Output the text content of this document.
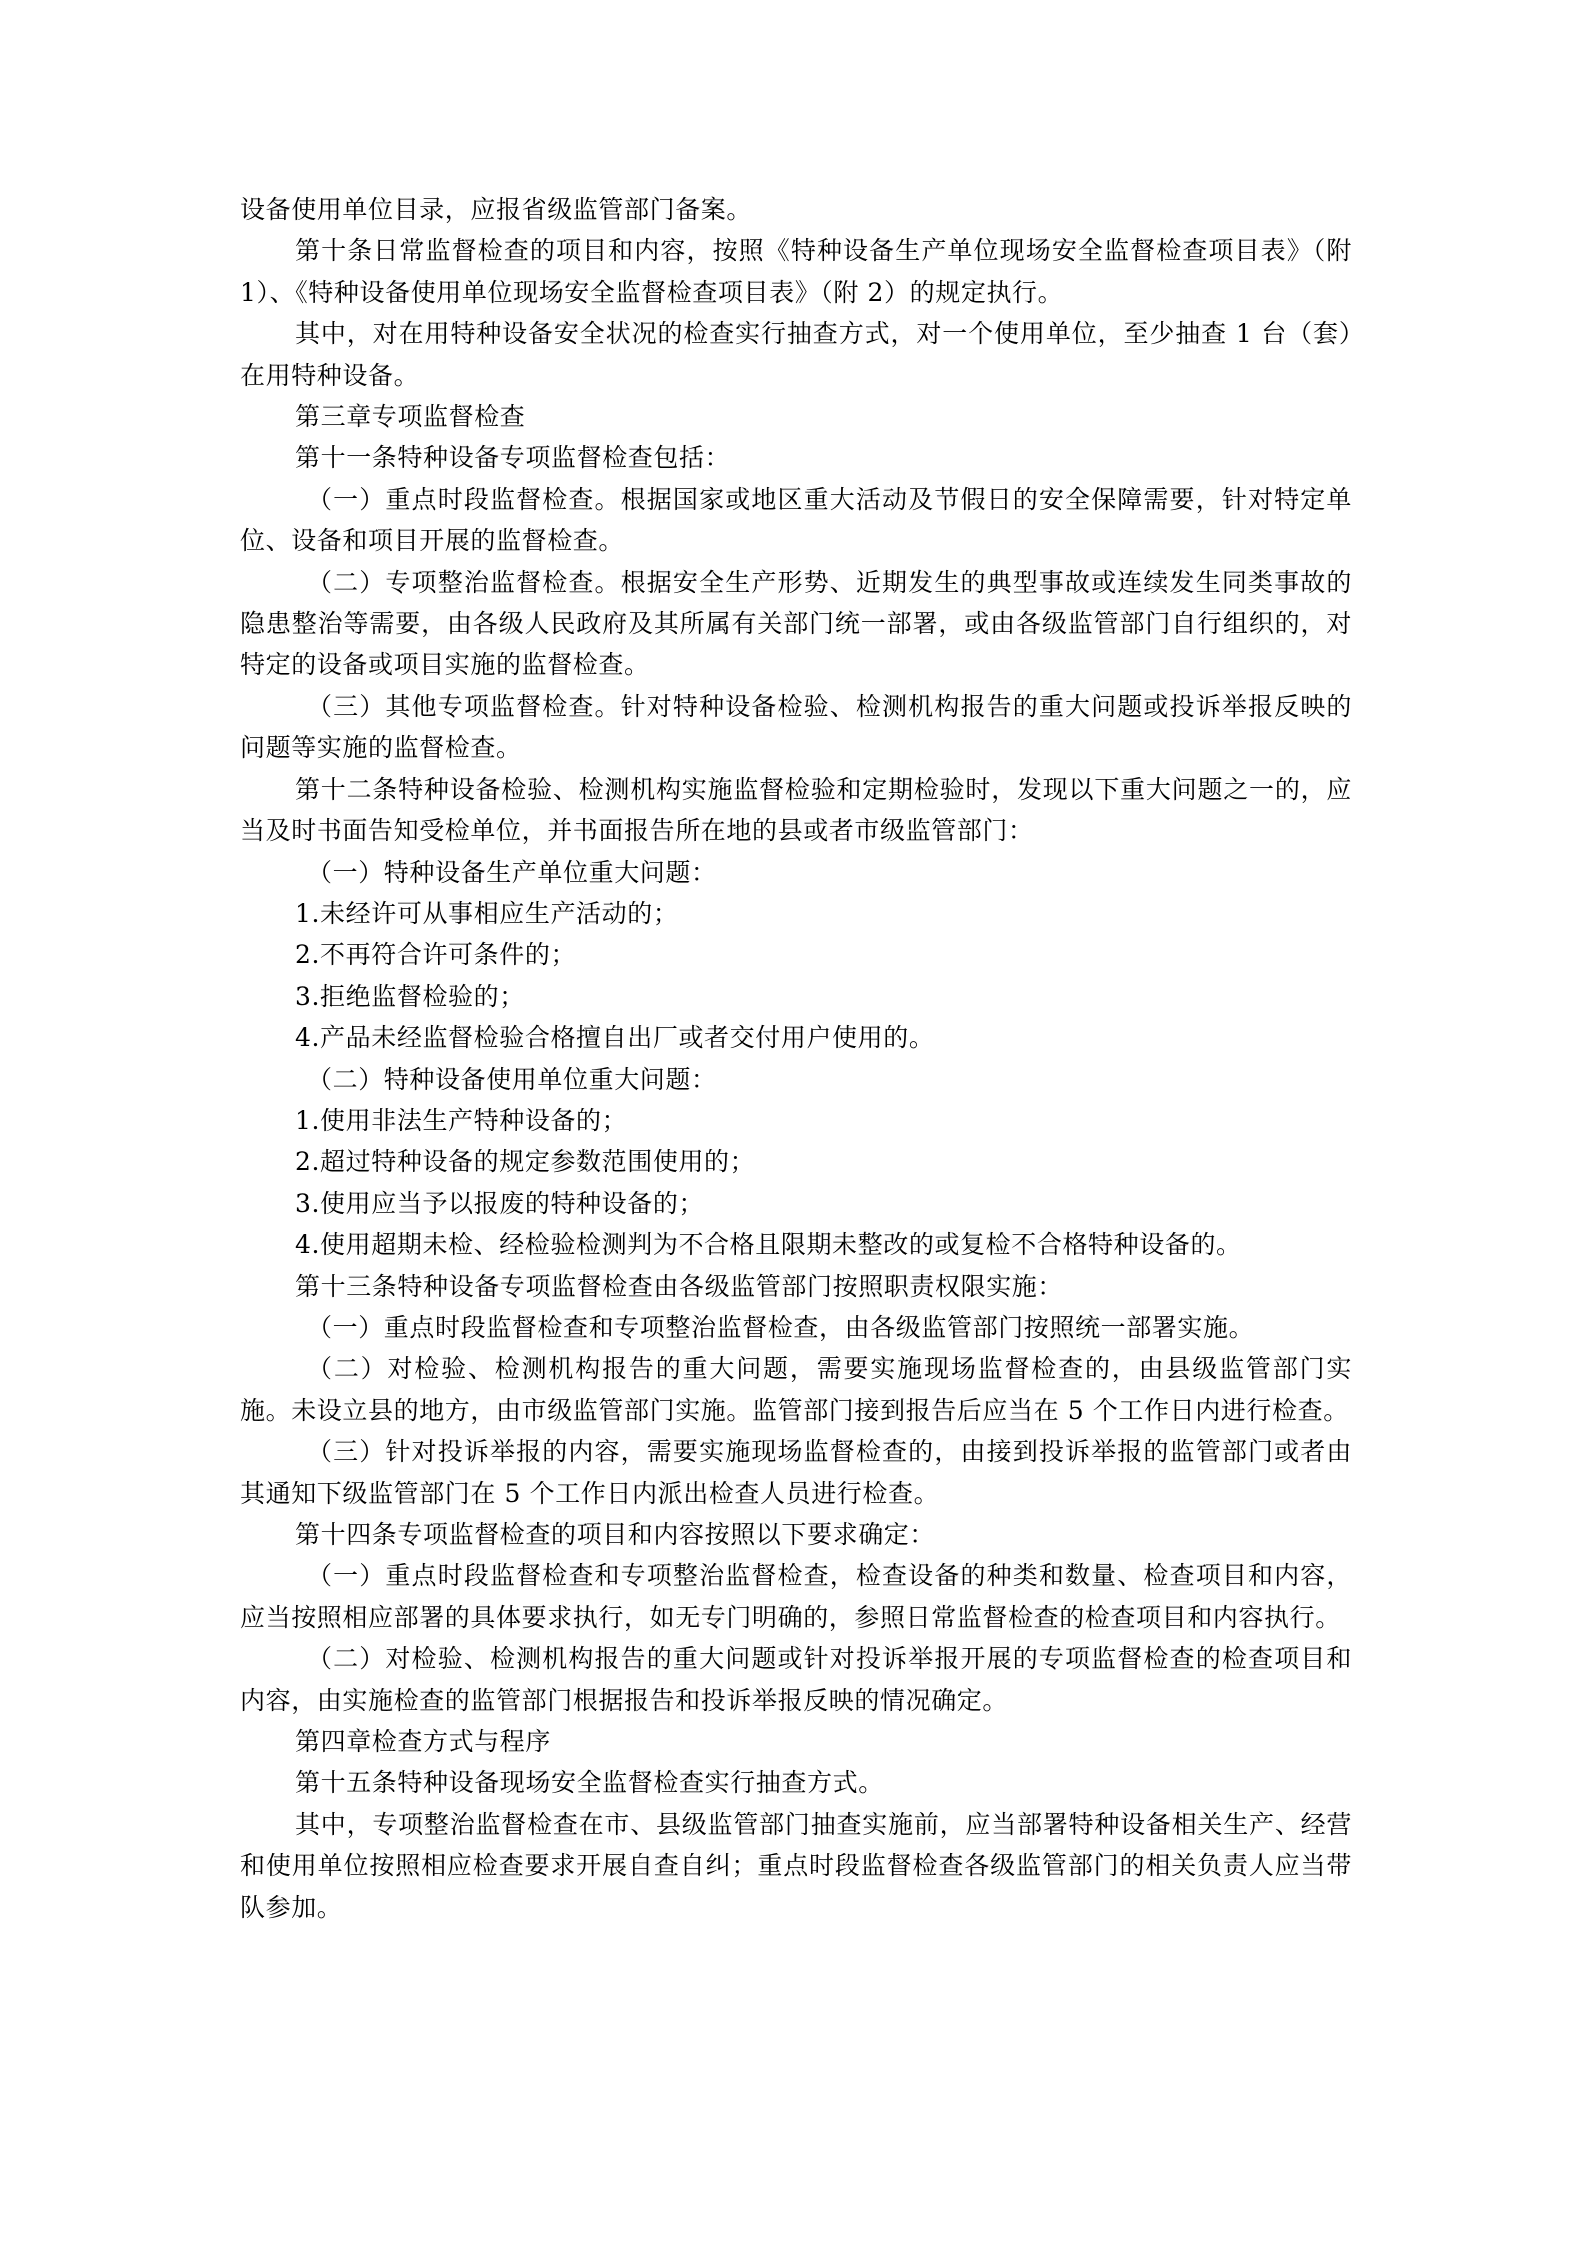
设备使用单位目录，应报省级监管部门备案。

第十条日常监督检查的项目和内容，按照《特种设备生产单位现场安全监督检查项目表》（附 1）、《特种设备使用单位现场安全监督检查项目表》（附 2）的规定执行。

其中，对在用特种设备安全状况的检查实行抽查方式，对一个使用单位，至少抽查 1 台（套）在用特种设备。

第三章专项监督检查

第十一条特种设备专项监督检查包括：

（一）重点时段监督检查。根据国家或地区重大活动及节假日的安全保障需要，针对特定单位、设备和项目开展的监督检查。

（二）专项整治监督检查。根据安全生产形势、近期发生的典型事故或连续发生同类事故的隐患整治等需要，由各级人民政府及其所属有关部门统一部署，或由各级监管部门自行组织的，对特定的设备或项目实施的监督检查。

（三）其他专项监督检查。针对特种设备检验、检测机构报告的重大问题或投诉举报反映的问题等实施的监督检查。

第十二条特种设备检验、检测机构实施监督检验和定期检验时，发现以下重大问题之一的，应当及时书面告知受检单位，并书面报告所在地的县或者市级监管部门：

（一）特种设备生产单位重大问题：

1.未经许可从事相应生产活动的；

2.不再符合许可条件的；

3.拒绝监督检验的；

4.产品未经监督检验合格擅自出厂或者交付用户使用的。

（二）特种设备使用单位重大问题：

1.使用非法生产特种设备的；

2.超过特种设备的规定参数范围使用的；

3.使用应当予以报废的特种设备的；

4.使用超期未检、经检验检测判为不合格且限期未整改的或复检不合格特种设备的。

第十三条特种设备专项监督检查由各级监管部门按照职责权限实施：

（一）重点时段监督检查和专项整治监督检查，由各级监管部门按照统一部署实施。

（二）对检验、检测机构报告的重大问题，需要实施现场监督检查的，由县级监管部门实施。未设立县的地方，由市级监管部门实施。监管部门接到报告后应当在 5 个工作日内进行检查。

（三）针对投诉举报的内容，需要实施现场监督检查的，由接到投诉举报的监管部门或者由其通知下级监管部门在 5 个工作日内派出检查人员进行检查。

第十四条专项监督检查的项目和内容按照以下要求确定：

（一）重点时段监督检查和专项整治监督检查，检查设备的种类和数量、检查项目和内容，应当按照相应部署的具体要求执行，如无专门明确的，参照日常监督检查的检查项目和内容执行。

（二）对检验、检测机构报告的重大问题或针对投诉举报开展的专项监督检查的检查项目和内容，由实施检查的监管部门根据报告和投诉举报反映的情况确定。

第四章检查方式与程序

第十五条特种设备现场安全监督检查实行抽查方式。

其中，专项整治监督检查在市、县级监管部门抽查实施前，应当部署特种设备相关生产、经营和使用单位按照相应检查要求开展自查自纠；重点时段监督检查各级监管部门的相关负责人应当带队参加。
